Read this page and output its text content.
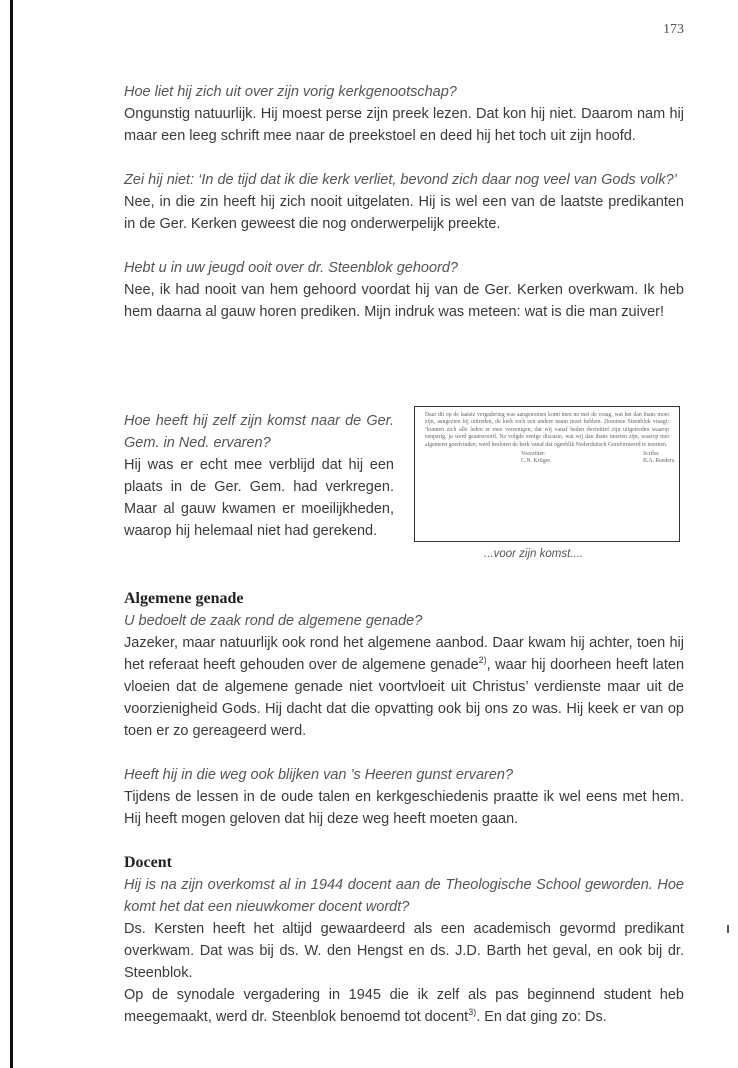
173

Hoe liet hij zich uit over zijn vorig kerkgenootschap?

Ongunstig natuurlijk. Hij moest perse zijn preek lezen. Dat kon hij niet. Daarom nam hij maar een leeg schrift mee naar de preekstoel en deed hij het toch uit zijn hoofd.

Zei hij niet: ‘In de tijd dat ik die kerk verliet, bevond zich daar nog veel van Gods volk?’

Nee, in die zin heeft hij zich nooit uitgelaten. Hij is wel een van de laatste predikanten in de Ger. Kerken geweest die nog onderwerpelijk preekte.

Hebt u in uw jeugd ooit over dr. Steenblok gehoord?

Nee, ik had nooit van hem gehoord voordat hij van de Ger. Kerken overkwam. Ik heb hem daarna al gauw horen prediken. Mijn indruk was meteen: wat is die man zuiver!

Hoe heeft hij zelf zijn komst naar de Ger. Gem. in Ned. ervaren?

Hij was er echt mee verblijd dat hij een plaats in de Ger. Gem. had verkregen. Maar al gauw kwamen er moeilijkheden, waarop hij helemaal niet had gerekend.

Daar dit op de laatste vergadering was aangenomen komt men nu met de vraag, wat het dan thans moet zijn, aangezien bij uittreden, de kerk toch een andere naam moet hebben. Dominee Steenblok vraagt: ‘kunnen zich alle leden er mee vereenigen, dat wij vanaf heden devinitief zijn uitgetreden waarop eenparig, ja werd geantwoord. Na volgde eenige discusie, wat wij dan thans moeten zijn, waarop met algemeen goedvinden, werd besloten de kerk vanaf dat ogenblik Nederduitsch Gereformeerd te noemen.
Voorzitter:
C.N. Kriiger.
Scriba:
B.A. Reeders.
...voor zijn komst....

Algemene genade

U bedoelt de zaak rond de algemene genade?

Jazeker, maar natuurlijk ook rond het algemene aanbod. Daar kwam hij achter, toen hij het referaat heeft gehouden over de algemene genade$^{2)}$, waar hij doorheen heeft laten vloeien dat de algemene genade niet voortvloeit uit Christus’ verdienste maar uit de voorzienigheid Gods. Hij dacht dat die opvatting ook bij ons zo was. Hij keek er van op toen er zo gereageerd werd.

Heeft hij in die weg ook blijken van ’s Heeren gunst ervaren?

Tijdens de lessen in de oude talen en kerkgeschiedenis praatte ik wel eens met hem. Hij heeft mogen geloven dat hij deze weg heeft moeten gaan.

Docent

Hij is na zijn overkomst al in 1944 docent aan de Theologische School geworden. Hoe komt het dat een nieuwkomer docent wordt?

Ds. Kersten heeft het altijd gewaardeerd als een academisch gevormd predikant overkwam. Dat was bij ds. W. den Hengst en ds. J.D. Barth het geval, en ook bij dr. Steenblok.

Op de synodale vergadering in 1945 die ik zelf als pas beginnend student heb meegemaakt, werd dr. Steenblok benoemd tot docent$^{3)}$. En dat ging zo: Ds.
